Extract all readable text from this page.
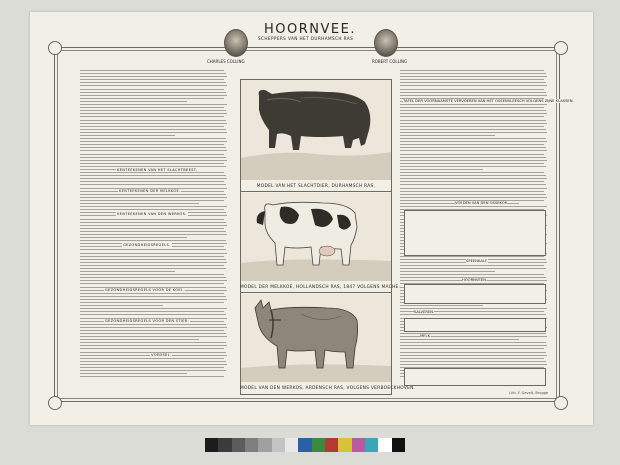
HOORNVEE.
CHARLES COLLING	ROBERT COLLING
SCHEPPERS VAN HET DURHAMSCH RAS
KENTEEKENEN VAN HET SLACHTBEEST.
KENTEEKENEN DER MELKKOE.
KENTEEKENEN VAN DEN WERKOS.
GEZONDHEIDSREGELS.
GEZONDHEIDSREGELS VOOR DE KOEI.
GEZONDHEIDSREGELS VOOR DEN STIER.
VOEDSEL.
MODEL VAN HET SLACHTDIER, DURHAMSCH RAS.
MODEL DER MELKKOE, HOLLANDSCH RAS, 1847 VOLGENS MACHE.
MODEL VAN DEN WERKOS, ARDENSCH RAS, VOLGENS VERBOECKHOVEN.
TAFEL DER VOORNAAMSTE VERVOEREN VAN HET OSSENVLEESCH VOLGENS ZIJNE KLASSEN.
VOEDEN VAN DEN OSSEKOP.
SPEENKALF.
HOORNVEEN.
KALVEREN.
MELK.
Lith. F. Gevelt, Brugge
